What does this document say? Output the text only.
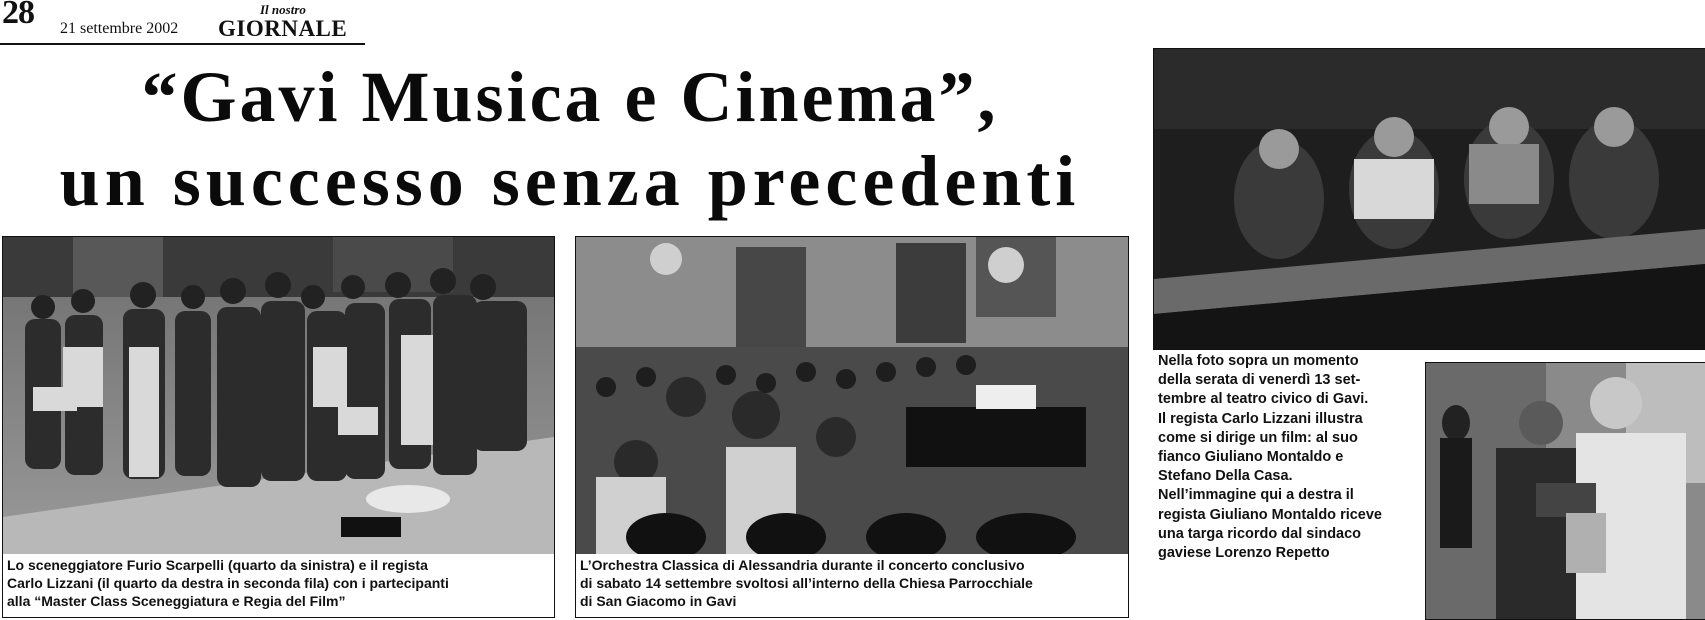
28 21 settembre 2002
Il nostro
GIORNALE
“Gavi Musica e Cinema”,
un successo senza precedenti
Lo sceneggiatore Furio Scarpelli (quarto da sinistra) e il regista
Carlo Lizzani (il quarto da destra in seconda fila) con i partecipanti
alla “Master Class Sceneggiatura e Regia del Film”
L’Orchestra Classica di Alessandria durante il concerto conclusivo
di sabato 14 settembre svoltosi all’interno della Chiesa Parrocchiale
di San Giacomo in Gavi
Nella foto sopra un momento
della serata di venerdì 13 set-
tembre al teatro civico di Gavi.
Il regista Carlo Lizzani illustra
come si dirige un film: al suo
fianco Giuliano Montaldo e
Stefano Della Casa.
Nell’immagine qui a destra il
regista Giuliano Montaldo riceve
una targa ricordo dal sindaco
gaviese Lorenzo Repetto
